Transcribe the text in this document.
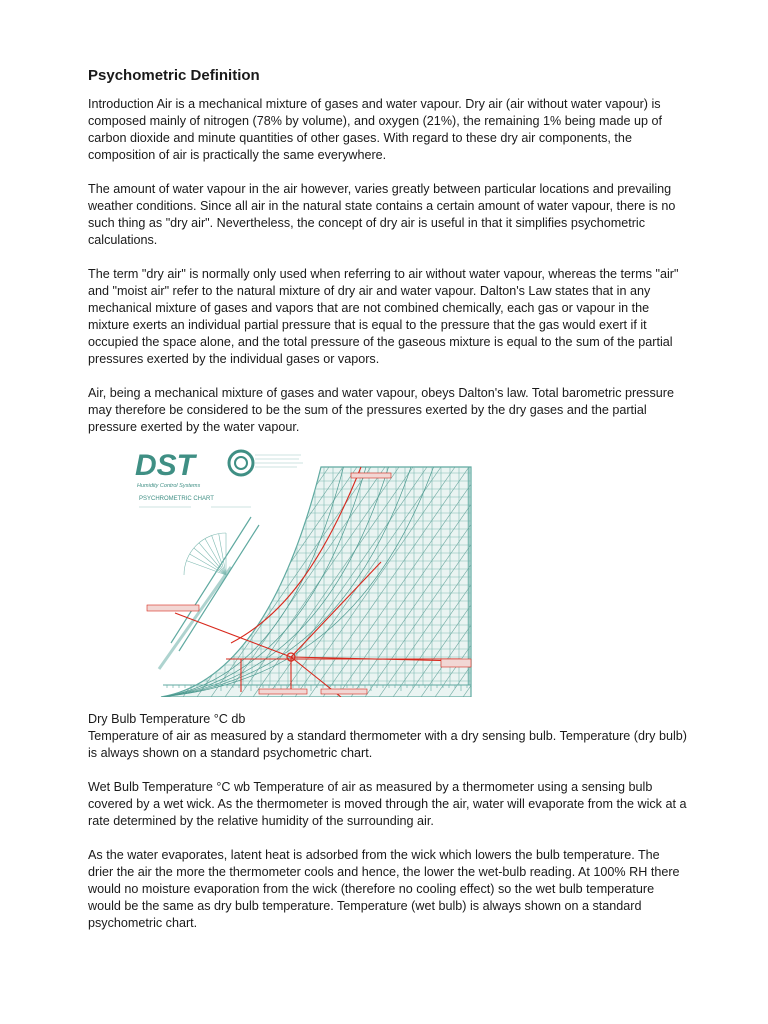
Psychometric Definition

Introduction Air is a mechanical mixture of gases and water vapour. Dry air (air without water vapour) is composed mainly of nitrogen (78% by volume), and oxygen (21%), the remaining 1% being made up of carbon dioxide and minute quantities of other gases. With regard to these dry air components, the composition of air is practically the same everywhere.

The amount of water vapour in the air however, varies greatly between particular locations and prevailing weather conditions. Since all air in the natural state contains a certain amount of water vapour, there is no such thing as "dry air". Nevertheless, the concept of dry air is useful in that it simplifies psychometric calculations.

The term "dry air" is normally only used when referring to air without water vapour, whereas the terms "air" and "moist air" refer to the natural mixture of dry air and water vapour. Dalton's Law states that in any mechanical mixture of gases and vapors that are not combined chemically, each gas or vapour in the mixture exerts an individual partial pressure that is equal to the pressure that the gas would exert if it occupied the space alone, and the total pressure of the gaseous mixture is equal to the sum of the partial pressures exerted by the individual gases or vapors.

Air, being a mechanical mixture of gases and water vapour, obeys Dalton's law. Total barometric pressure may therefore be considered to be the sum of the pressures exerted by the dry gases and the partial pressure exerted by the water vapour.

DST
Humidity Control Systems
PSYCHROMETRIC CHART

Dry Bulb Temperature °C db
Temperature of air as measured by a standard thermometer with a dry sensing bulb. Temperature (dry bulb) is always shown on a standard psychometric chart.

Wet Bulb Temperature °C wb Temperature of air as measured by a thermometer using a sensing bulb covered by a wet wick. As the thermometer is moved through the air, water will evaporate from the wick at a rate determined by the relative humidity of the surrounding air.

As the water evaporates, latent heat is adsorbed from the wick which lowers the bulb temperature. The drier the air the more the thermometer cools and hence, the lower the wet-bulb reading. At 100% RH there would no moisture evaporation from the wick (therefore no cooling effect) so the wet bulb temperature would be the same as dry bulb temperature. Temperature (wet bulb) is always shown on a standard psychometric chart.
